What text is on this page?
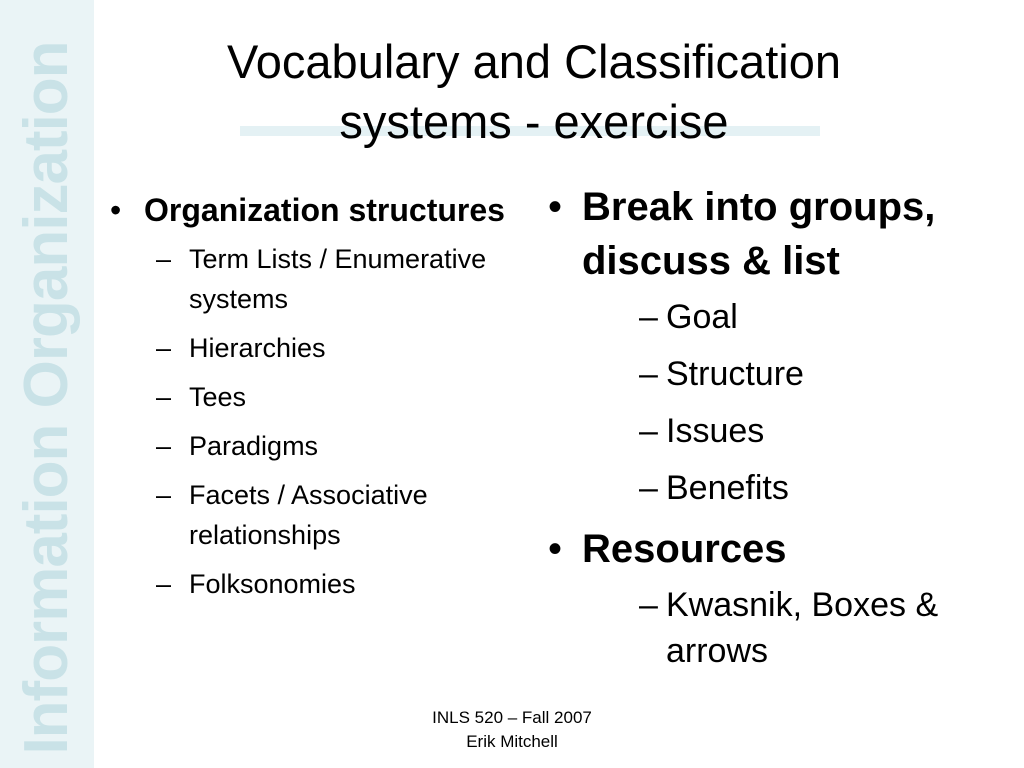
Information Organization	Vocabulary and Classification
systems - exercise
• Organization structures
– Term Lists / Enumerative systems
– Hierarchies
– Tees
– Paradigms
– Facets / Associative relationships
– Folksonomies
• Break into groups, discuss & list
– Goal
– Structure
– Issues
– Benefits
• Resources
– Kwasnik, Boxes & arrows
INLS 520 – Fall 2007
Erik Mitchell
